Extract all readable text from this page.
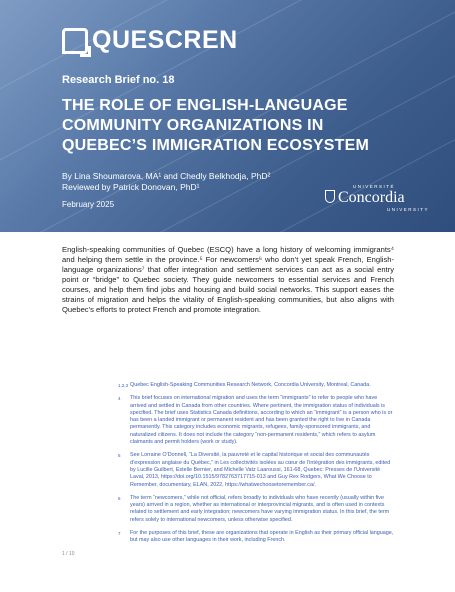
QUESCREN
Research Brief no. 18
THE ROLE OF ENGLISH-LANGUAGE
COMMUNITY ORGANIZATIONS IN
QUEBEC’S IMMIGRATION ECOSYSTEM
By Lina Shoumarova, MA¹ and Chedly Belkhodja, PhD²
Reviewed by Patrick Donovan, PhD¹
February 2025
UNIVERSITÉ
Concordia
UNIVERSITY
English-speaking communities of Quebec (ESCQ) have a long history of welcoming immigrants⁴ and helping them settle in the province.⁵ For newcomers⁶ who don’t yet speak French, English-language organizations⁷ that offer integration and settlement services can act as a social entry point or “bridge” to Quebec society. They guide newcomers to essential services and French courses, and help them find jobs and housing and build social networks. This support eases the strains of migration and helps the vitality of English-speaking communities, but also aligns with Quebec’s efforts to protect French and promote integration.
1,2,3 Quebec English-Speaking Communities Research Network, Concordia University, Montreal, Canada.
4 This brief focuses on international migration and uses the term “immigrants” to refer to people who have arrived and settled in Canada from other countries. Where pertinent, the immigration status of individuals is specified. The brief uses Statistics Canada definitions, according to which an “immigrant” is a person who is or has been a landed immigrant or permanent resident and has been granted the right to live in Canada permanently. This category includes economic migrants, refugees, family-sponsored immigrants, and naturalized citizens. It does not include the category “non-permanent residents,” which refers to asylum claimants and permit holders (work or study).
5 See Lorraine O’Donnell, “La Diversité, la pauvreté et le capital historique et social des communautés d’expression anglaise du Québec,” in Les collectivités isolées au cœur de l’intégration des immigrants, edited by Lucille Guilbert, Estelle Bernier, and Michelle Vatz Laaroussi, 161-68, Quebec: Presses de l’Université Laval, 2013, https://doi.org/10.1515/9782763717715-013 and Guy Rex Rodgers, What We Choose to Remember, documentary, ELAN, 2022, https://whatwechoosetoremember.ca/.
6 The term “newcomers,” while not official, refers broadly to individuals who have recently (usually within five years) arrived in a region, whether as international or interprovincial migrants, and is often used in contexts related to settlement and early integration; newcomers have varying immigration status. In this brief, the term refers solely to international newcomers, unless otherwise specified.
7 For the purposes of this brief, these are organizations that operate in English as their primary official language, but may also use other languages in their work, including French.
1 / 10
